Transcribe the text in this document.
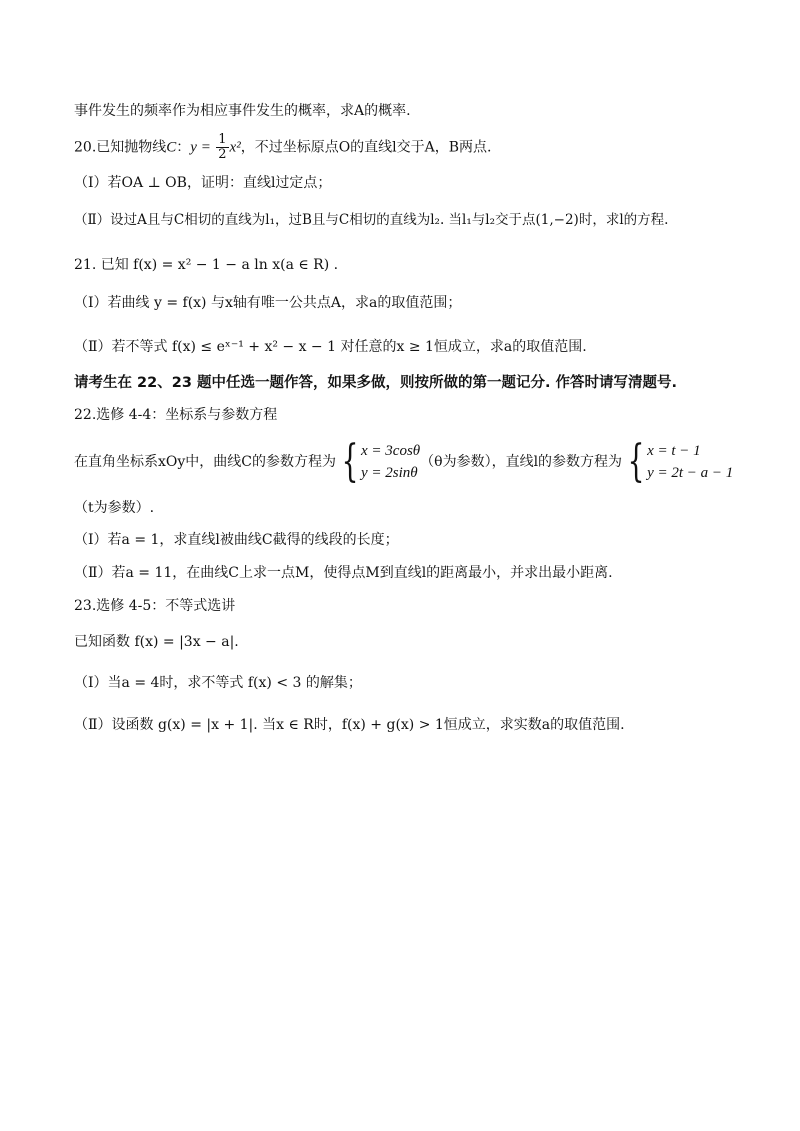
事件发生的频率作为相应事件发生的概率，求A的概率.
20.已知抛物线C：$y = \frac{1}{2} x^2$，不过坐标原点O的直线l交于A，B两点.
（Ⅰ）若OA ⊥ OB，证明：直线l过定点；
（Ⅱ）设过A且与C相切的直线为l₁，过B且与C相切的直线为l₂. 当l₁与l₂交于点(1,−2)时，求l的方程.
21. 已知 f(x) = x² − 1 − a ln x(a ∈ R) .
（Ⅰ）若曲线 y = f(x) 与x轴有唯一公共点A，求a的取值范围；
（Ⅱ）若不等式 f(x) ≤ eˣ⁻¹ + x² − x − 1 对任意的x ≥ 1恒成立，求a的取值范围.
请考生在 22、23 题中任选一题作答，如果多做，则按所做的第一题记分. 作答时请写清题号.
22.选修 4-4：坐标系与参数方程
在直角坐标系xOy中，曲线C的参数方程为 { x = 3cosθ
y = 2sinθ
（θ为参数），直线l的参数方程为 { x = t − 1
y = 2t − a − 1
（t为参数）.
（Ⅰ）若a = 1，求直线l被曲线C截得的线段的长度；
（Ⅱ）若a = 11，在曲线C上求一点M，使得点M到直线l的距离最小，并求出最小距离.
23.选修 4-5：不等式选讲
已知函数 f(x) = |3x − a|.
（Ⅰ）当a = 4时，求不等式 f(x) < 3 的解集；
（Ⅱ）设函数 g(x) = |x + 1|. 当x ∈ R时，f(x) + g(x) > 1恒成立，求实数a的取值范围.
